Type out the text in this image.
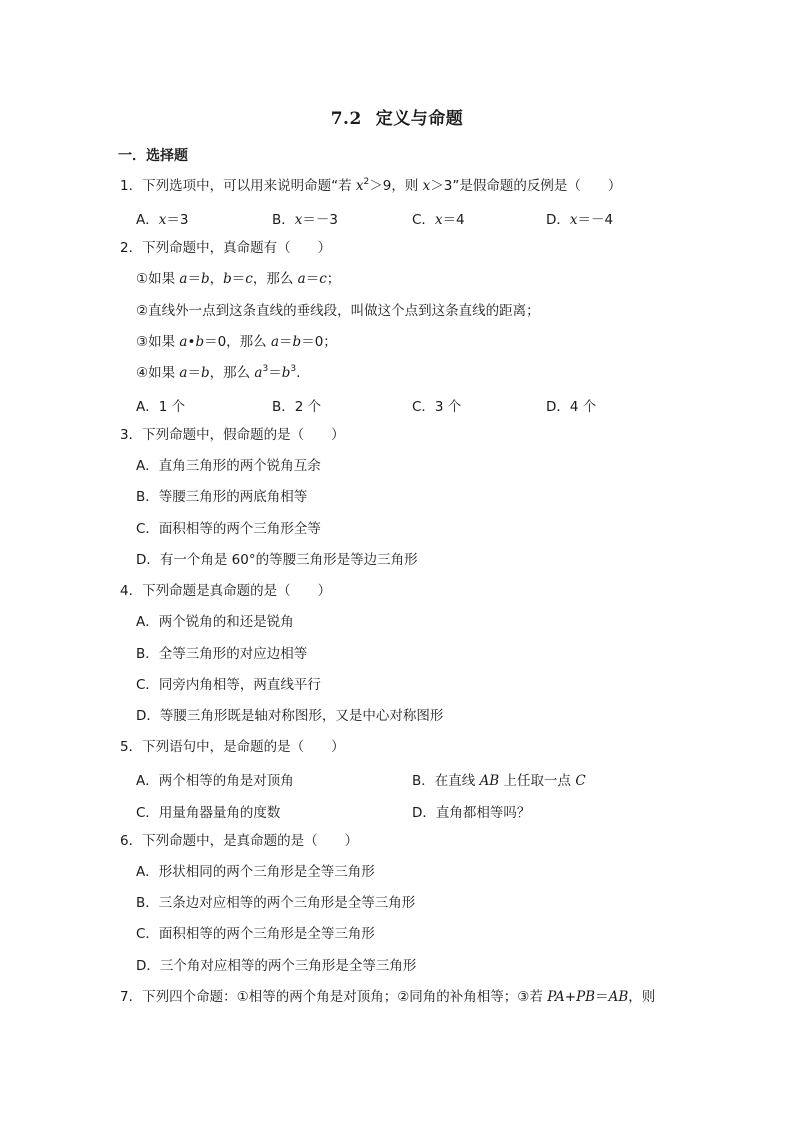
7.2 定义与命题
一．选择题
1．下列选项中，可以用来说明命题“若 $x^2>9$，则 x＞3”是假命题的反例是（　　）
A．x＝3	B．x＝－3	C．x＝4	D．x＝－4
2．下列命题中，真命题有（　　）
①如果 a＝b，b＝c，那么 a＝c；
②直线外一点到这条直线的垂线段，叫做这个点到这条直线的距离；
③如果 a•b＝0，那么 a＝b＝0；
④如果 a＝b，那么 $a^3=b^3$.
A．1 个	B．2 个	C．3 个	D．4 个
3．下列命题中，假命题的是（　　）
A．直角三角形的两个锐角互余
B．等腰三角形的两底角相等
C．面积相等的两个三角形全等
D．有一个角是 60°的等腰三角形是等边三角形
4．下列命题是真命题的是（　　）
A．两个锐角的和还是锐角
B．全等三角形的对应边相等
C．同旁内角相等，两直线平行
D．等腰三角形既是轴对称图形，又是中心对称图形
5．下列语句中，是命题的是（　　）
A．两个相等的角是对顶角	B．在直线 AB 上任取一点 C
C．用量角器量角的度数	D．直角都相等吗？
6．下列命题中，是真命题的是（　　）
A．形状相同的两个三角形是全等三角形
B．三条边对应相等的两个三角形是全等三角形
C．面积相等的两个三角形是全等三角形
D．三个角对应相等的两个三角形是全等三角形
7．下列四个命题：①相等的两个角是对顶角；②同角的补角相等；③若 PA+PB＝AB，则
